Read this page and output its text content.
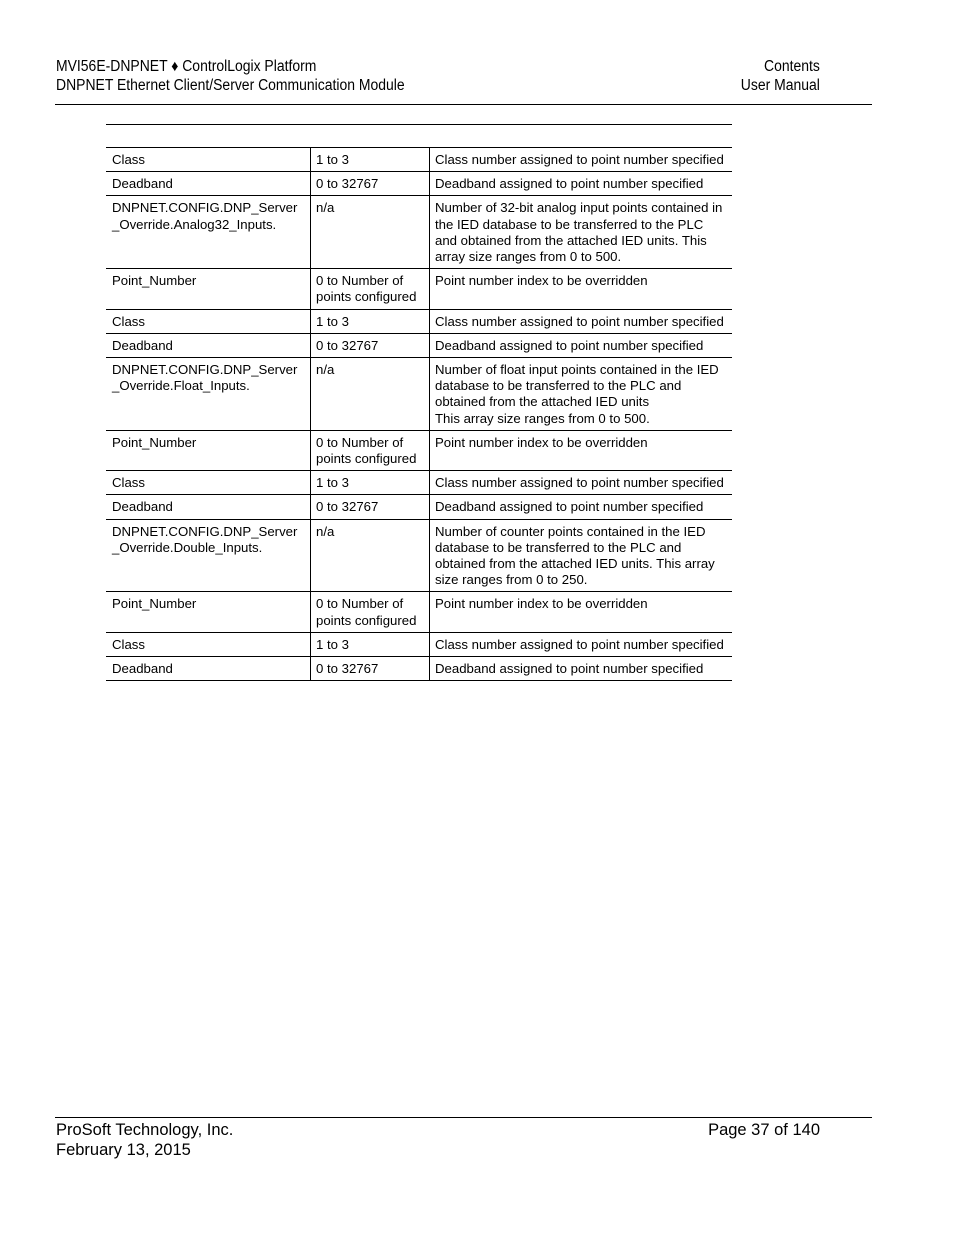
MVI56E-DNPNET ♦ ControlLogix Platform
DNPNET Ethernet Client/Server Communication Module
Contents
User Manual
Class	1 to 3	Class number assigned to point number specified
Deadband	0 to 32767	Deadband assigned to point number specified
DNPNET.CONFIG.DNP_Server_Override.Analog32_Inputs.	n/a	Number of 32-bit analog input points contained in the IED database to be transferred to the PLC and obtained from the attached IED units. This array size ranges from 0 to 500.
Point_Number	0 to Number of points configured	Point number index to be overridden
Class	1 to 3	Class number assigned to point number specified
Deadband	0 to 32767	Deadband assigned to point number specified
DNPNET.CONFIG.DNP_Server_Override.Float_Inputs.	n/a	Number of float input points contained in the IED database to be transferred to the PLC and obtained from the attached IED units
This array size ranges from 0 to 500.

Point_Number	0 to Number of points configured	Point number index to be overridden
Class	1 to 3	Class number assigned to point number specified
Deadband	0 to 32767	Deadband assigned to point number specified
DNPNET.CONFIG.DNP_Server_Override.Double_Inputs.	n/a	Number of counter points contained in the IED database to be transferred to the PLC and obtained from the attached IED units. This array size ranges from 0 to 250.
Point_Number	0 to Number of points configured	Point number index to be overridden
Class	1 to 3	Class number assigned to point number specified
Deadband	0 to 32767	Deadband assigned to point number specified
ProSoft Technology, Inc.
February 13, 2015
Page 37 of 140
